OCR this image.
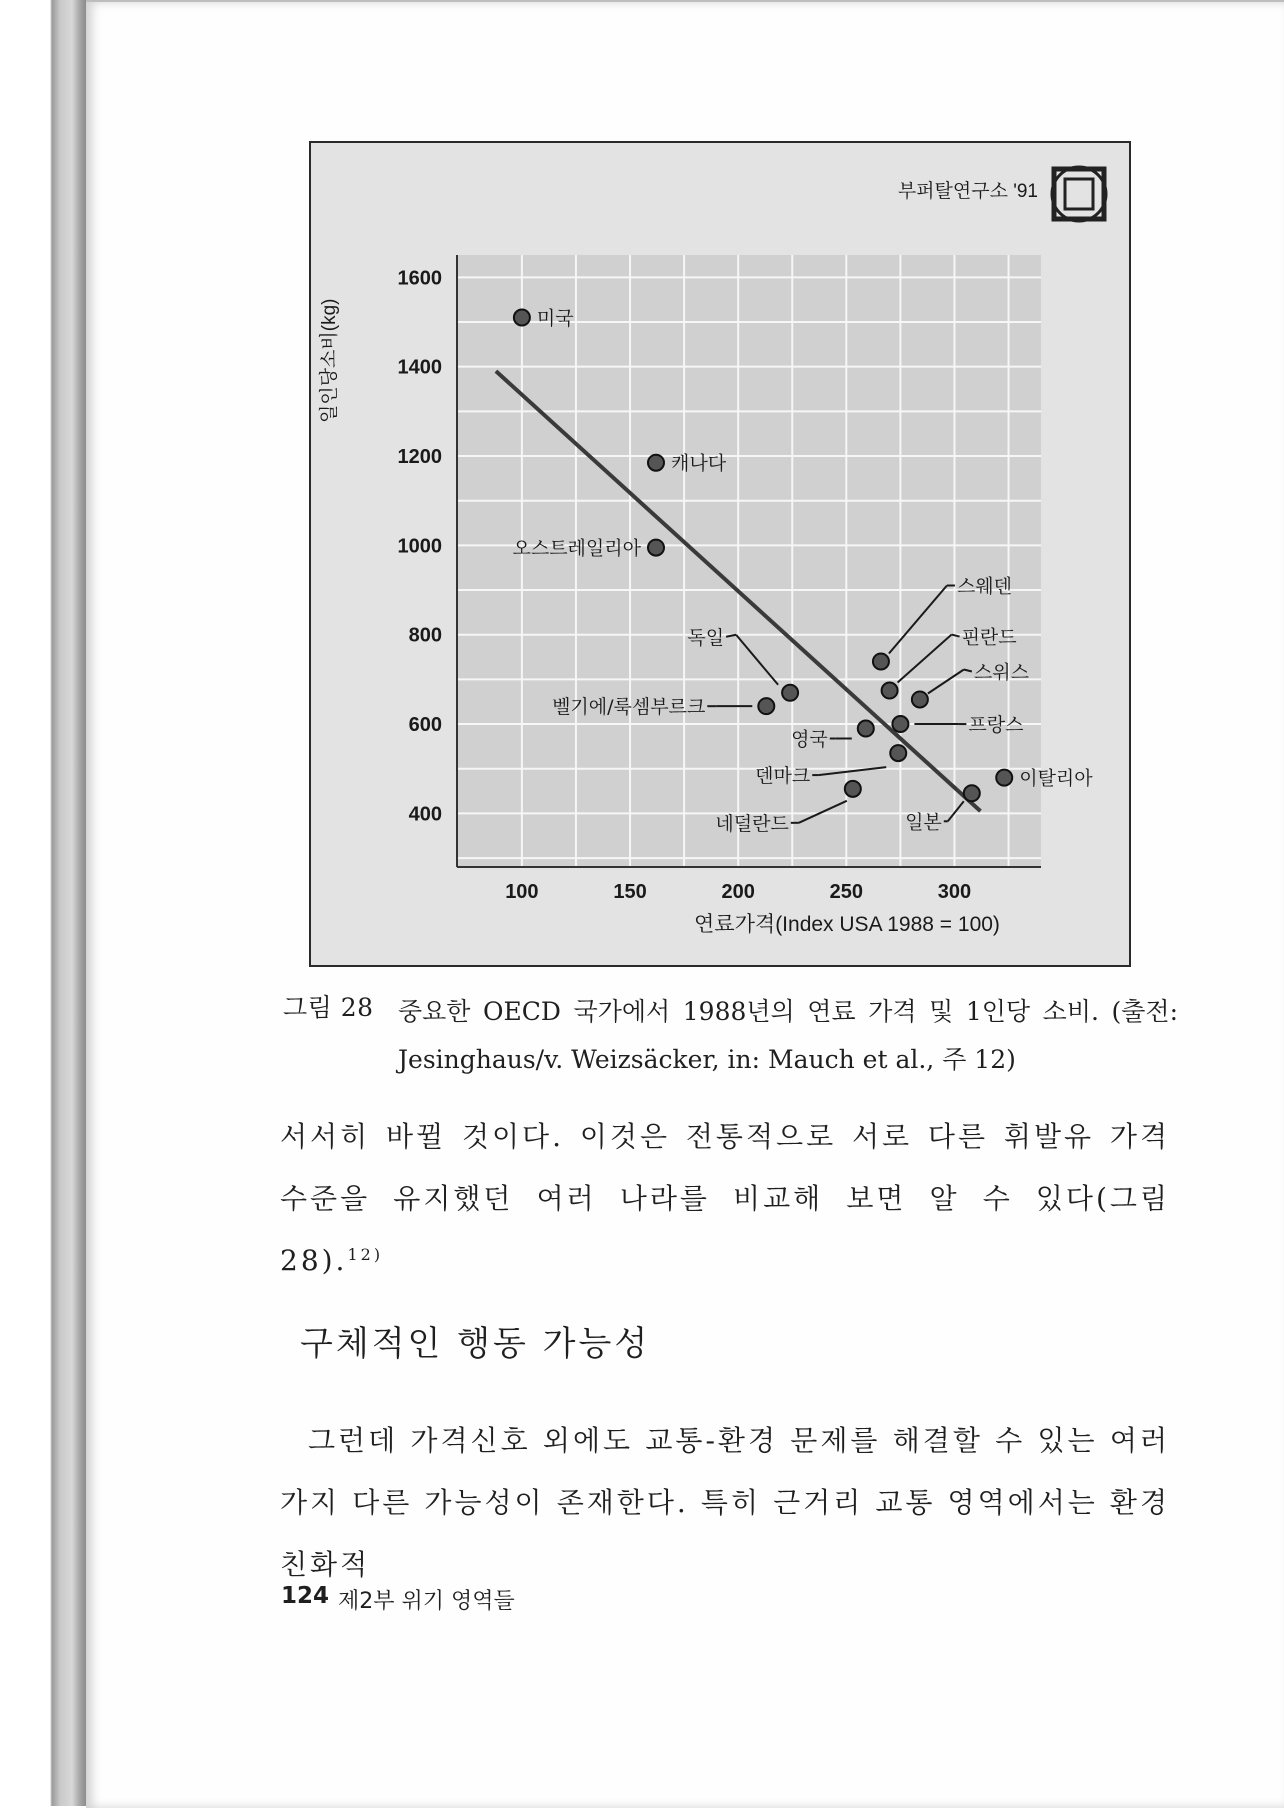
100	150	200	250	300
400
600
800
1000
1200
1400
1600
미국
캐나다
오스트레일리아
독일
벨기에/룩셈부르크
스웨덴
핀란드
스위스
프랑스
영국
덴마크
네덜란드
이탈리아
일본
일인당소비(kg)
연료가격(Index USA 1988 = 100)
부퍼탈연구소 '91
그림 28 중요한 OECD 국가에서 1988년의 연료 가격 및 1인당 소비. (출전: Jesinghaus/v. Weizsäcker, in: Mauch et al., 주 12)
서서히 바뀔 것이다. 이것은 전통적으로 서로 다른 휘발유 가격 수준을 유지했던 여러 나라를 비교해 보면 알 수 있다(그림 28).$^{12)}$
구체적인 행동 가능성
그런데 가격신호 외에도 교통-환경 문제를 해결할 수 있는 여러 가지 다른 가능성이 존재한다. 특히 근거리 교통 영역에서는 환경친화적
124 제2부 위기 영역들
